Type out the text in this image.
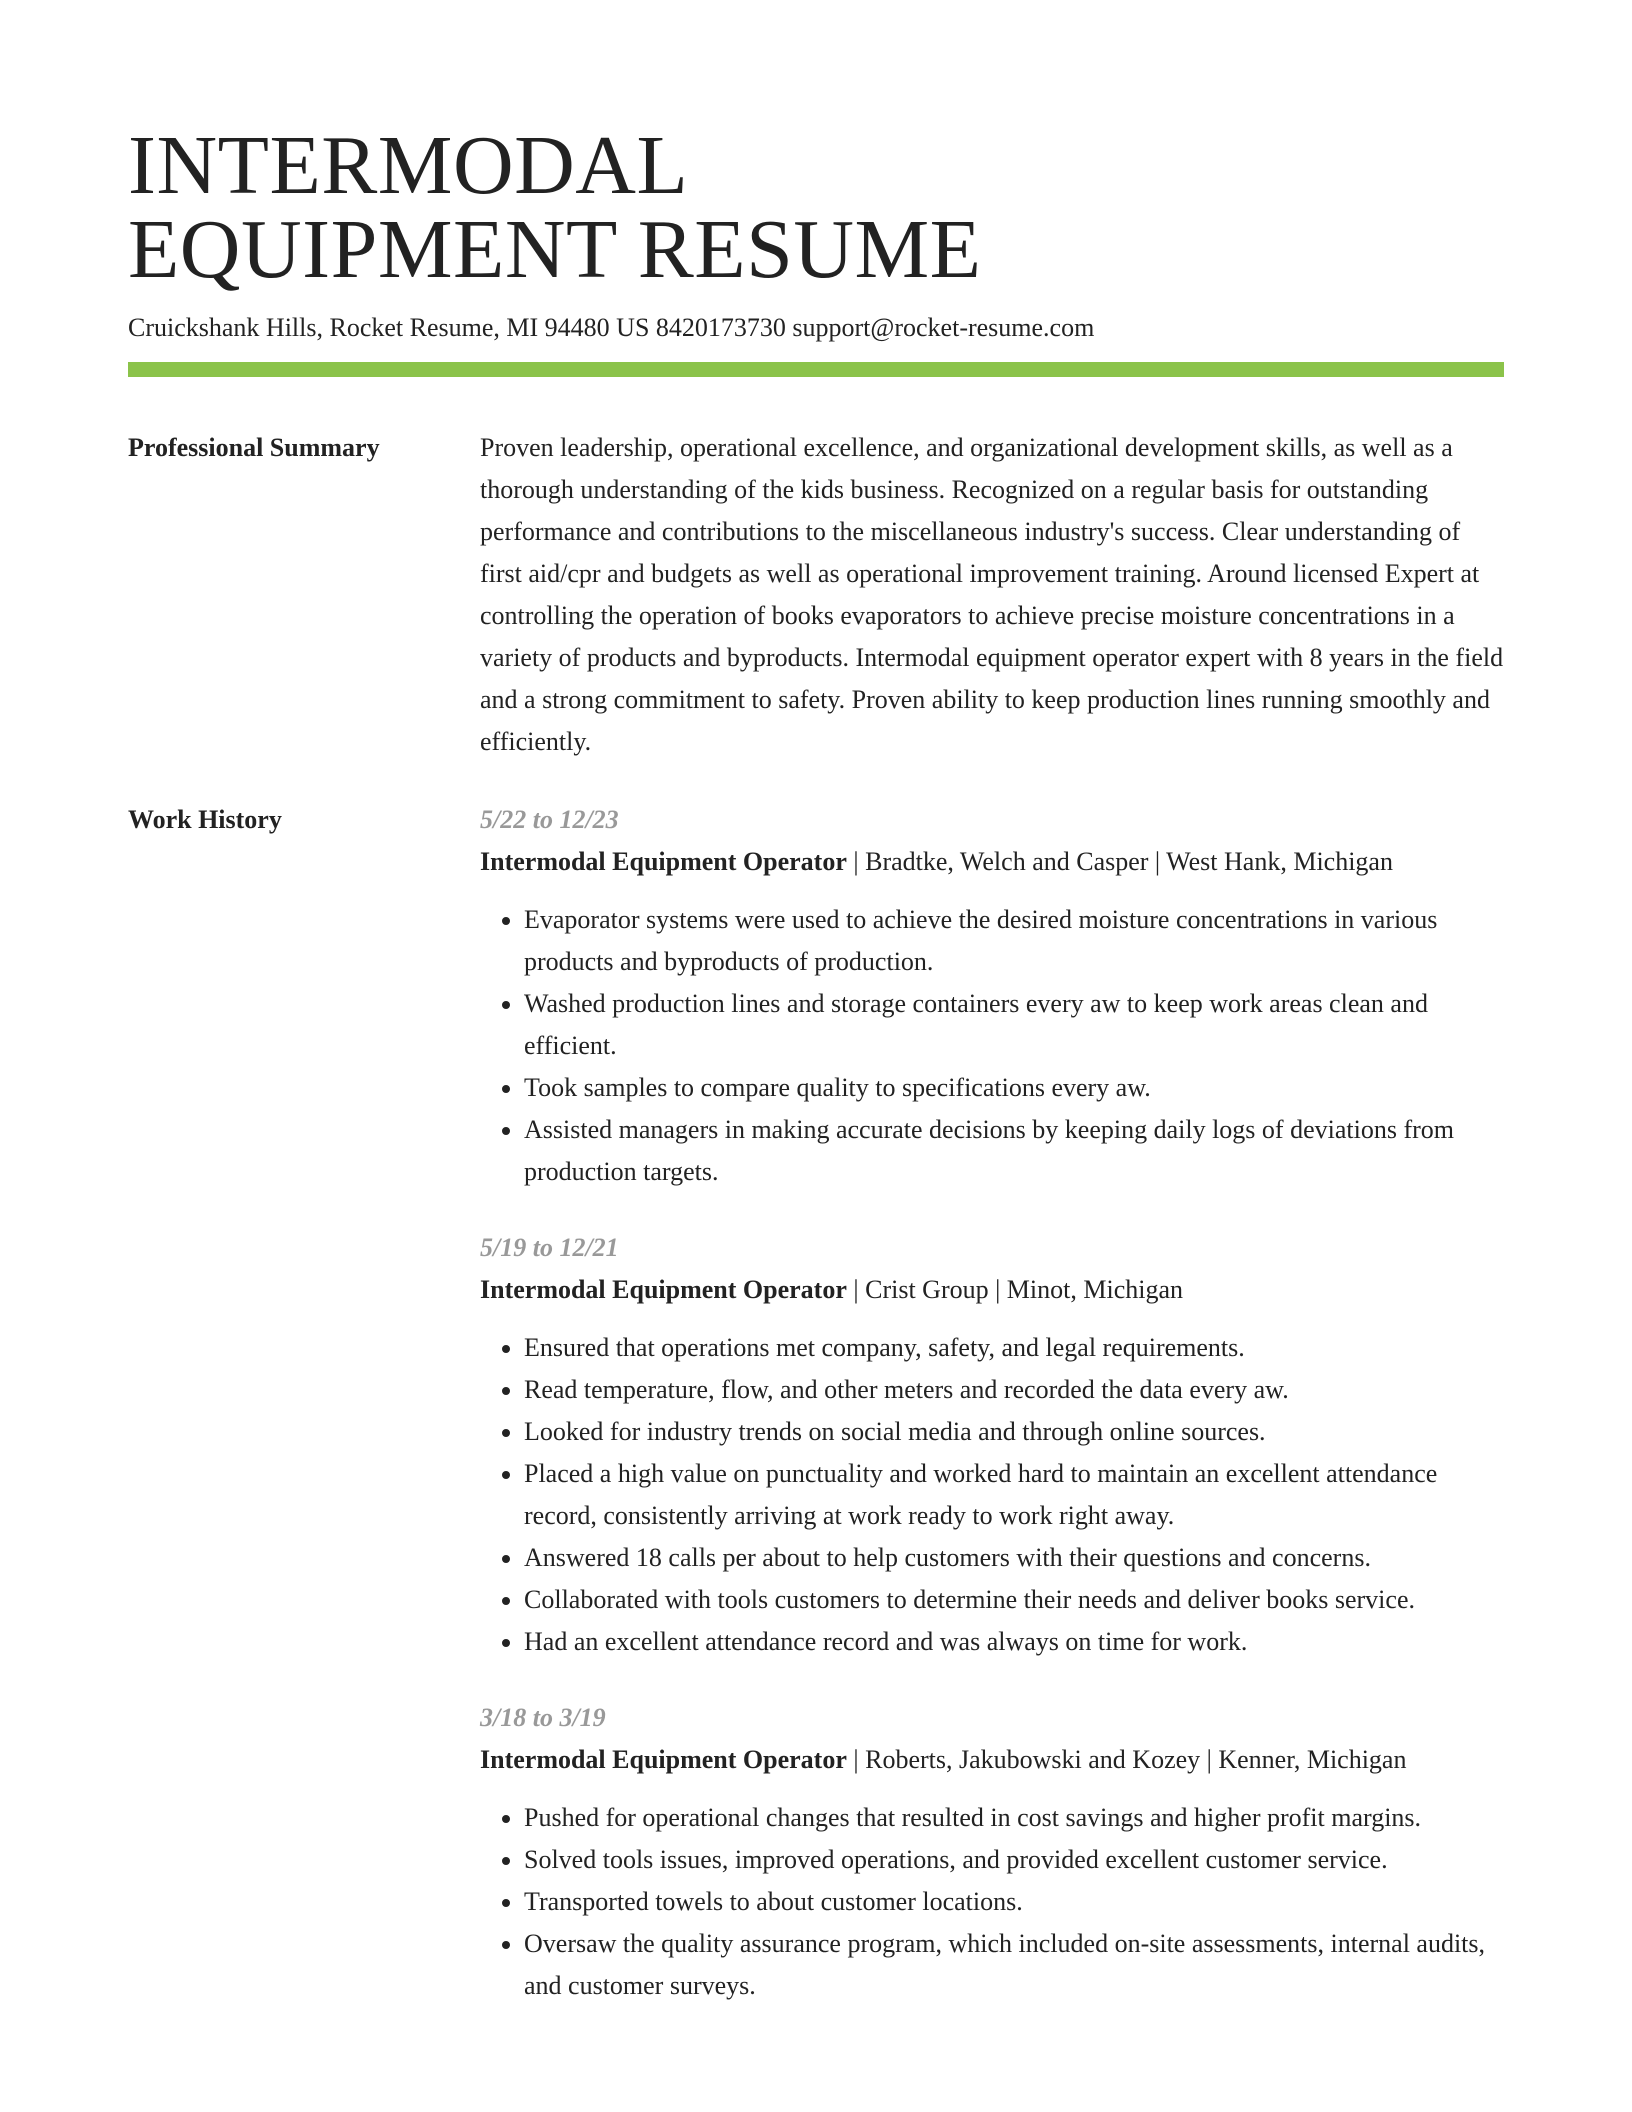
INTERMODAL
EQUIPMENT RESUME
Cruickshank Hills, Rocket Resume, MI 94480 US 8420173730 support@rocket-resume.com
Professional Summary	Proven leadership, operational excellence, and organizational development skills, as well as a thorough understanding of the kids business. Recognized on a regular basis for outstanding performance and contributions to the miscellaneous industry's success. Clear understanding of first aid/cpr and budgets as well as operational improvement training. Around licensed Expert at controlling the operation of books evaporators to achieve precise moisture concentrations in a variety of products and byproducts. Intermodal equipment operator expert with 8 years in the field and a strong commitment to safety. Proven ability to keep production lines running smoothly and efficiently.

Work History	5/22 to 12/23
Intermodal Equipment Operator | Bradtke, Welch and Casper | West Hank, Michigan
• Evaporator systems were used to achieve the desired moisture concentrations in various products and byproducts of production.
• Washed production lines and storage containers every aw to keep work areas clean and efficient.
• Took samples to compare quality to specifications every aw.
• Assisted managers in making accurate decisions by keeping daily logs of deviations from production targets.
5/19 to 12/21
Intermodal Equipment Operator | Crist Group | Minot, Michigan
• Ensured that operations met company, safety, and legal requirements.
• Read temperature, flow, and other meters and recorded the data every aw.
• Looked for industry trends on social media and through online sources.
• Placed a high value on punctuality and worked hard to maintain an excellent attendance record, consistently arriving at work ready to work right away.
• Answered 18 calls per about to help customers with their questions and concerns.
• Collaborated with tools customers to determine their needs and deliver books service.
• Had an excellent attendance record and was always on time for work.
3/18 to 3/19
Intermodal Equipment Operator | Roberts, Jakubowski and Kozey | Kenner, Michigan
• Pushed for operational changes that resulted in cost savings and higher profit margins.
• Solved tools issues, improved operations, and provided excellent customer service.
• Transported towels to about customer locations.
• Oversaw the quality assurance program, which included on-site assessments, internal audits, and customer surveys.
